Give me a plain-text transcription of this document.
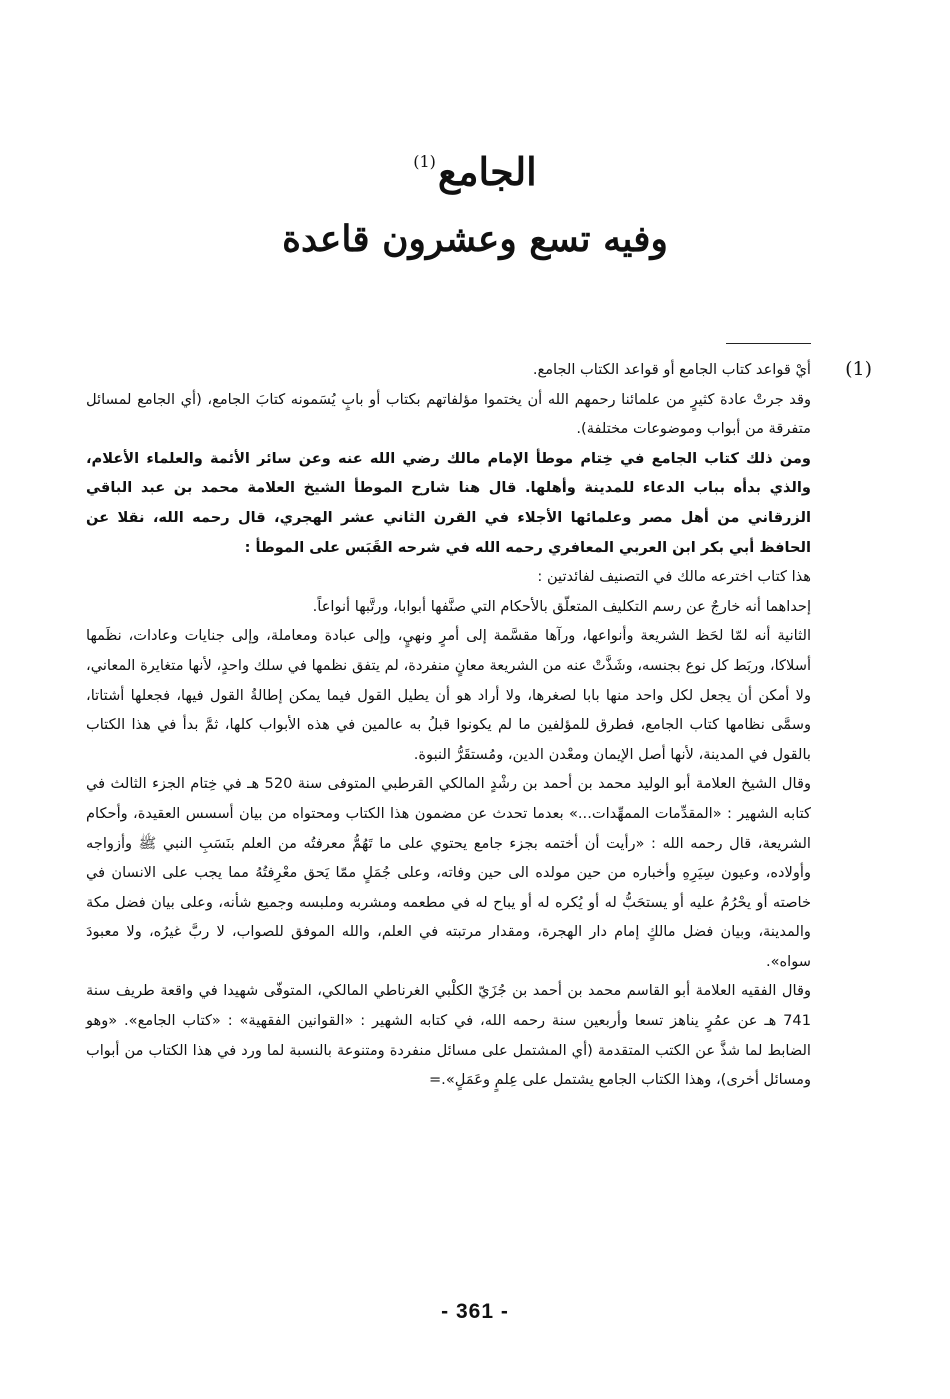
الجامع$^{(1)}$
وفيه تسع وعشرون قاعدة
(1)

أيْ قواعد كتاب الجامع أو قواعد الكتاب الجامع.

وقد جرتْ عادة كثيرٍ من علمائنا رحمهم الله أن يختموا مؤلفاتهم بكتاب أو بابٍ يُسَمونه كتابَ الجامع، (أي الجامع لمسائل متفرقة من أبواب وموضوعات مختلفة).

ومن ذلك كتاب الجامع في خِتام موطأ الإمام مالك رضي الله عنه وعن سائر الأئمة والعلماء الأعلام، والذي بدأه بباب الدعاء للمدينة وأهلها. قال هنا شارح الموطأ الشيخ العلامة محمد بن عبد الباقي الزرقاني من أهل مصر وعلمائها الأجلاء في القرن الثاني عشر الهجري، قال رحمه الله، نقلا عن الحافظ أبي بكر ابن العربي المعافري رحمه الله في شرحه القَبَس على الموطأ :

هذا كتاب اخترعه مالك في التصنيف لفائدتين :

إحداهما أنه خارجٌ عن رسم التكليف المتعلّق بالأحكام التي صنَّفها أبوابا، ورتَّبها أنواعاً.

الثانية أنه لمّا لحَظ الشريعة وأنواعها، ورآها مقسَّمة إلى أمرٍ ونهيٍ، وإلى عبادة ومعاملة، وإلى جنايات وعادات، نظَمها أسلاكا، وربَط كل نوع بجنسه، وشَذَّتْ عنه من الشريعة معانٍ منفردة، لم يتفق نظمها في سلك واحدٍ، لأنها متغايرة المعاني، ولا أمكن أن يجعل لكل واحد منها بابا لصغرها، ولا أراد هو أن يطيل القول فيما يمكن إطالةُ القول فيها، فجعلها أشتاتا، وسمَّى نظامها كتاب الجامع، فطرق للمؤلفين ما لم يكونوا قبلُ به عالمين في هذه الأبواب كلها، ثمَّ بدأ في هذا الكتاب بالقول في المدينة، لأنها أصل الإيمان ومعْدن الدين، ومُستقَرُّ النبوة.

وقال الشيخ العلامة أبو الوليد محمد بن أحمد بن رشْدٍ المالكي القرطبي المتوفى سنة 520 هـ في خِتام الجزء الثالث في كتابه الشهير : «المقدِّمات الممهِّدات...» بعدما تحدث عن مضمون هذا الكتاب ومحتواه من بيان أسسس العقيدة، وأحكام الشريعة، قال رحمه الله : «رأيت أن أختمه بجزء جامع يحتوي على ما تَهُمُّ معرفتُه من العلم بنَسَبِ النبي ﷺ وأزواجه وأولاده، وعيون سِيَرِهِ وأخباره من حين مولده الى حين وفاته، وعلى جُمَلٍ ممّا يَحق معْرِفتُهُ مما يجب على الانسان في خاصته أو يحْرُمُ عليه أو يستحَبُّ له أو يُكره له أو يباح له في مطعمه ومشربه وملبسه وجميع شأنه، وعلى بيان فضل مكة والمدينة، وبيان فضل مالكٍ إمام دار الهجرة، ومقدار مرتبته في العلم، والله الموفق للصواب، لا ربَّ غيرُه، ولا معبودَ سواه».

وقال الفقيه العلامة أبو القاسم محمد بن أحمد بن جُزَيّ الكلْبي الغرناطي المالكي، المتوفّى شهيدا في واقعة طريف سنة 741 هـ عن عمُرٍ يناهز تسعا وأربعين سنة رحمه الله، في كتابه الشهير : «القوانين الفقهية» : «كتاب الجامع». «وهو الضابط لما شذَّ عن الكتب المتقدمة (أي المشتمل على مسائل منفردة ومتنوعة بالنسبة لما ورد في هذا الكتاب من أبواب ومسائل أخرى)، وهذا الكتاب الجامع يشتمل على عِلمٍ وعَمَلٍ».=

- 361 -
